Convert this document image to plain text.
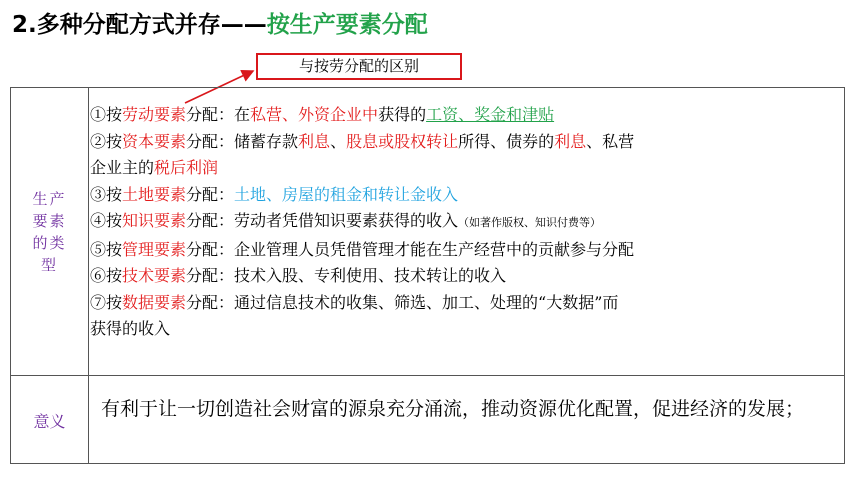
2.多种分配方式并存——按生产要素分配
与按劳分配的区别
生产要素的类型
意义
①按劳动要素分配：在私营、外资企业中获得的工资、奖金和津贴
②按资本要素分配：储蓄存款利息、股息或股权转让所得、债券的利息、私营
企业主的税后利润
③按土地要素分配：土地、房屋的租金和转让金收入
④按知识要素分配：劳动者凭借知识要素获得的收入（如著作版权、知识付费等）
⑤按管理要素分配：企业管理人员凭借管理才能在生产经营中的贡献参与分配
⑥按技术要素分配：技术入股、专利使用、技术转让的收入
⑦按数据要素分配：通过信息技术的收集、筛选、加工、处理的“大数据”而
获得的收入
有利于让一切创造社会财富的源泉充分涌流，推动资源优化配置，促进经济的发展；
